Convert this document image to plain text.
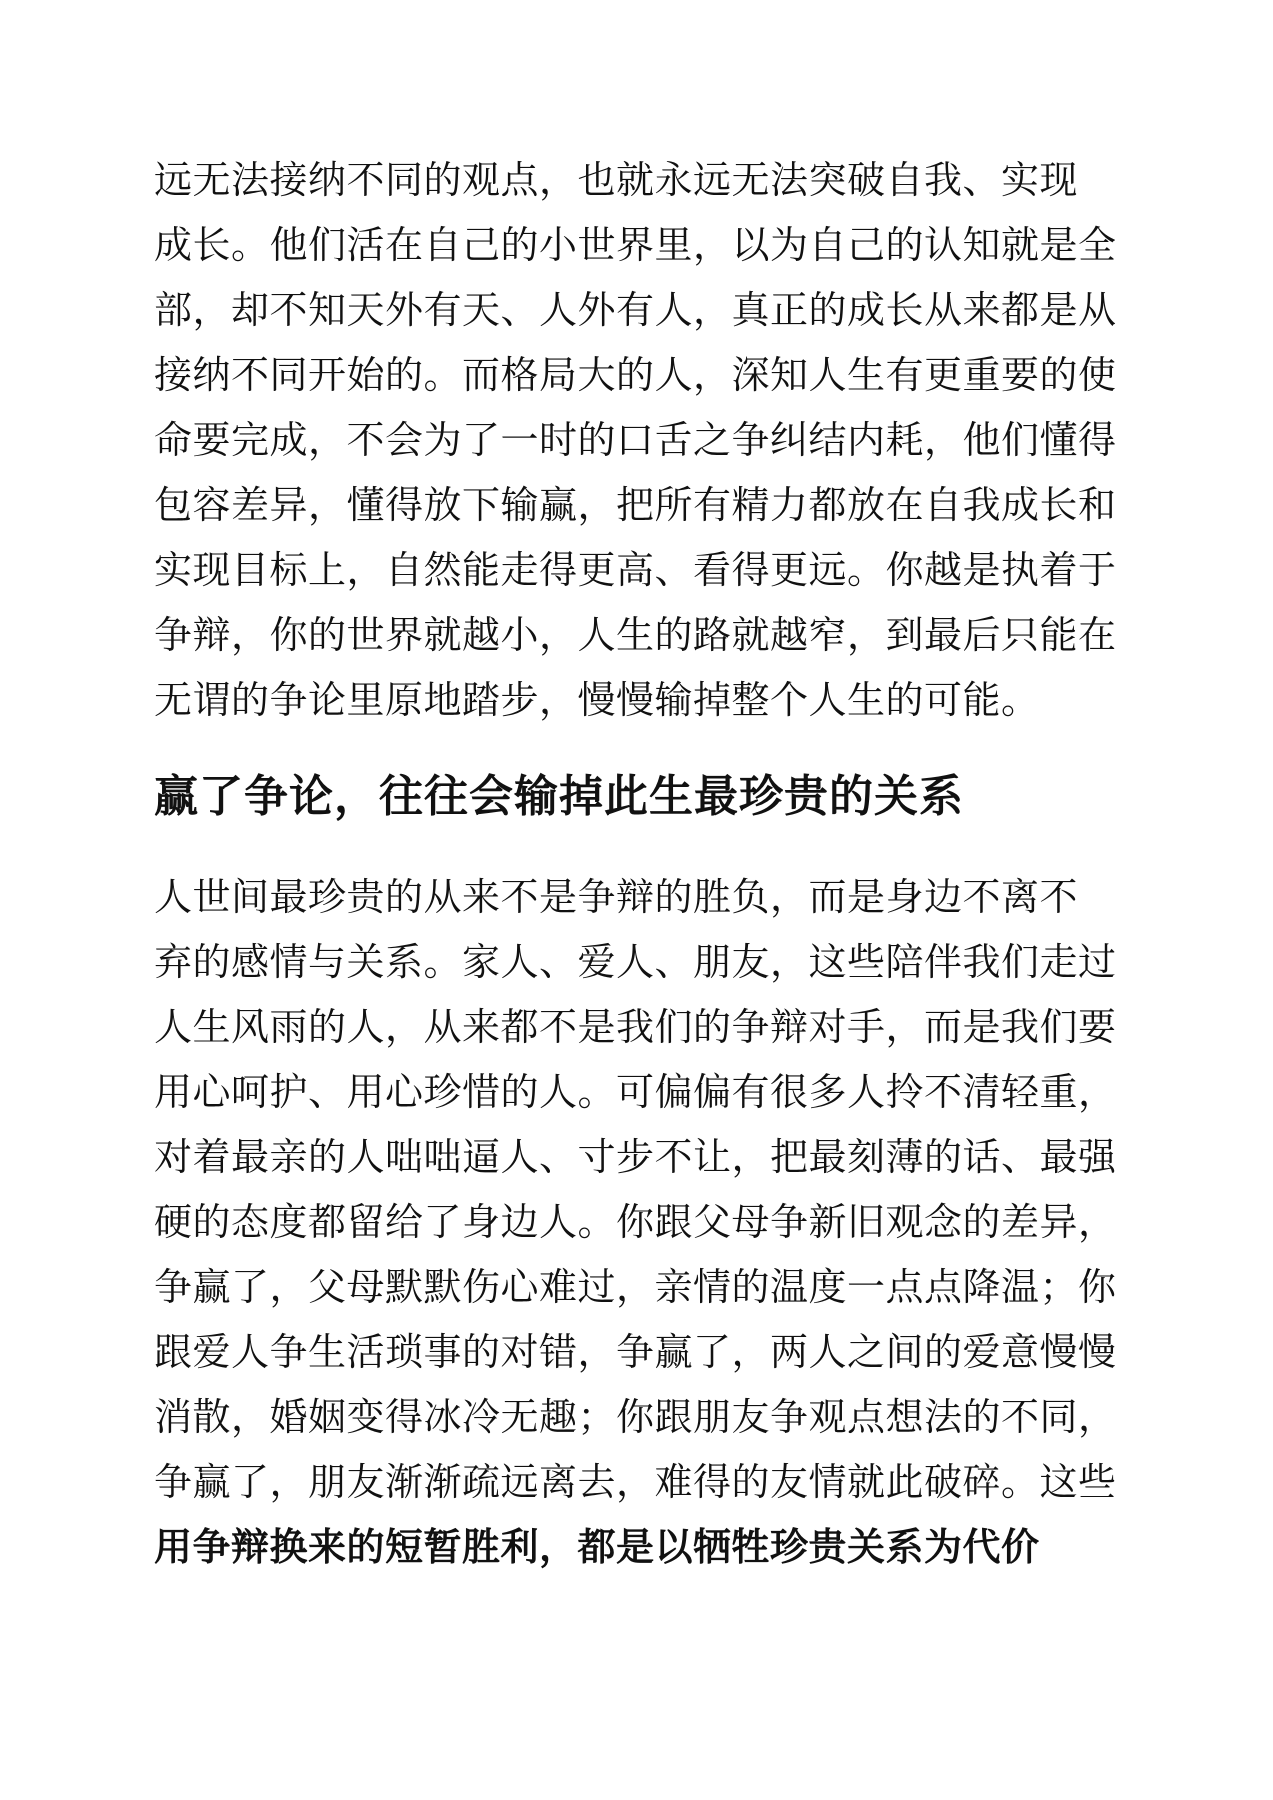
远无法接纳不同的观点，也就永远无法突破自我、实现

成长。他们活在自己的小世界里，以为自己的认知就是全

部，却不知天外有天、人外有人，真正的成长从来都是从

接纳不同开始的。而格局大的人，深知人生有更重要的使

命要完成，不会为了一时的口舌之争纠结内耗，他们懂得

包容差异，懂得放下输赢，把所有精力都放在自我成长和

实现目标上，自然能走得更高、看得更远。你越是执着于

争辩，你的世界就越小，人生的路就越窄，到最后只能在

无谓的争论里原地踏步，慢慢输掉整个人生的可能。

赢了争论，往往会输掉此生最珍贵的关系

人世间最珍贵的从来不是争辩的胜负，而是身边不离不

弃的感情与关系。家人、爱人、朋友，这些陪伴我们走过

人生风雨的人，从来都不是我们的争辩对手，而是我们要

用心呵护、用心珍惜的人。可偏偏有很多人拎不清轻重，

对着最亲的人咄咄逼人、寸步不让，把最刻薄的话、最强

硬的态度都留给了身边人。你跟父母争新旧观念的差异，

争赢了，父母默默伤心难过，亲情的温度一点点降温；你

跟爱人争生活琐事的对错，争赢了，两人之间的爱意慢慢

消散，婚姻变得冰冷无趣；你跟朋友争观点想法的不同，

争赢了，朋友渐渐疏远离去，难得的友情就此破碎。这些

用争辩换来的短暂胜利，都是以牺牲珍贵关系为代价
